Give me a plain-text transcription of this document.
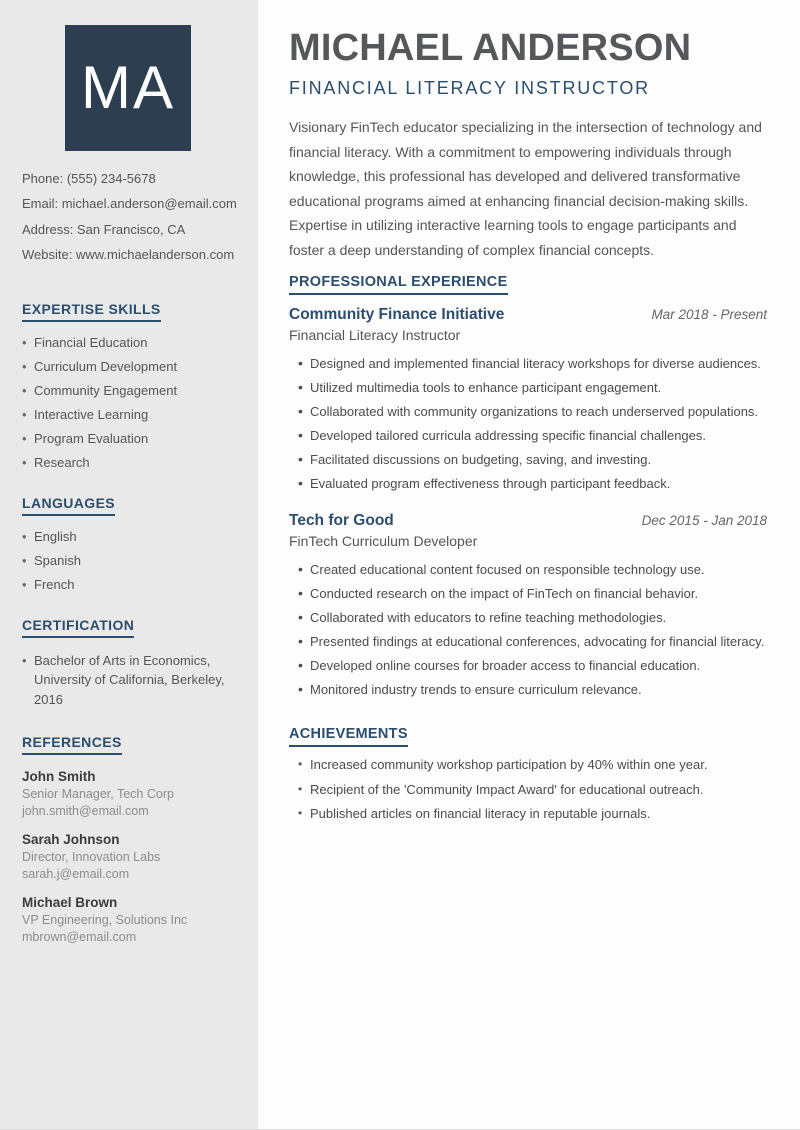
MA
Phone: (555) 234-5678
Email: michael.anderson@email.com
Address: San Francisco, CA
Website: www.michaelanderson.com
EXPERTISE SKILLS
• Financial Education
• Curriculum Development
• Community Engagement
• Interactive Learning
• Program Evaluation
• Research
LANGUAGES
• English
• Spanish
• French
CERTIFICATION
• Bachelor of Arts in Economics, University of California, Berkeley, 2016
REFERENCES
John Smith
Senior Manager, Tech Corp
john.smith@email.com
Sarah Johnson
Director, Innovation Labs
sarah.j@email.com
Michael Brown
VP Engineering, Solutions Inc
mbrown@email.com
MICHAEL ANDERSON
FINANCIAL LITERACY INSTRUCTOR

Visionary FinTech educator specializing in the intersection of technology and financial literacy. With a commitment to empowering individuals through knowledge, this professional has developed and delivered transformative educational programs aimed at enhancing financial decision-making skills. Expertise in utilizing interactive learning tools to engage participants and foster a deep understanding of complex financial concepts.

PROFESSIONAL EXPERIENCE
Community Finance Initiative	Mar 2018 - Present
Financial Literacy Instructor
• Designed and implemented financial literacy workshops for diverse audiences.
• Utilized multimedia tools to enhance participant engagement.
• Collaborated with community organizations to reach underserved populations.
• Developed tailored curricula addressing specific financial challenges.
• Facilitated discussions on budgeting, saving, and investing.
• Evaluated program effectiveness through participant feedback.
Tech for Good	Dec 2015 - Jan 2018
FinTech Curriculum Developer
• Created educational content focused on responsible technology use.
• Conducted research on the impact of FinTech on financial behavior.
• Collaborated with educators to refine teaching methodologies.
• Presented findings at educational conferences, advocating for financial literacy.
• Developed online courses for broader access to financial education.
• Monitored industry trends to ensure curriculum relevance.
ACHIEVEMENTS
• Increased community workshop participation by 40% within one year.
• Recipient of the 'Community Impact Award' for educational outreach.
• Published articles on financial literacy in reputable journals.
